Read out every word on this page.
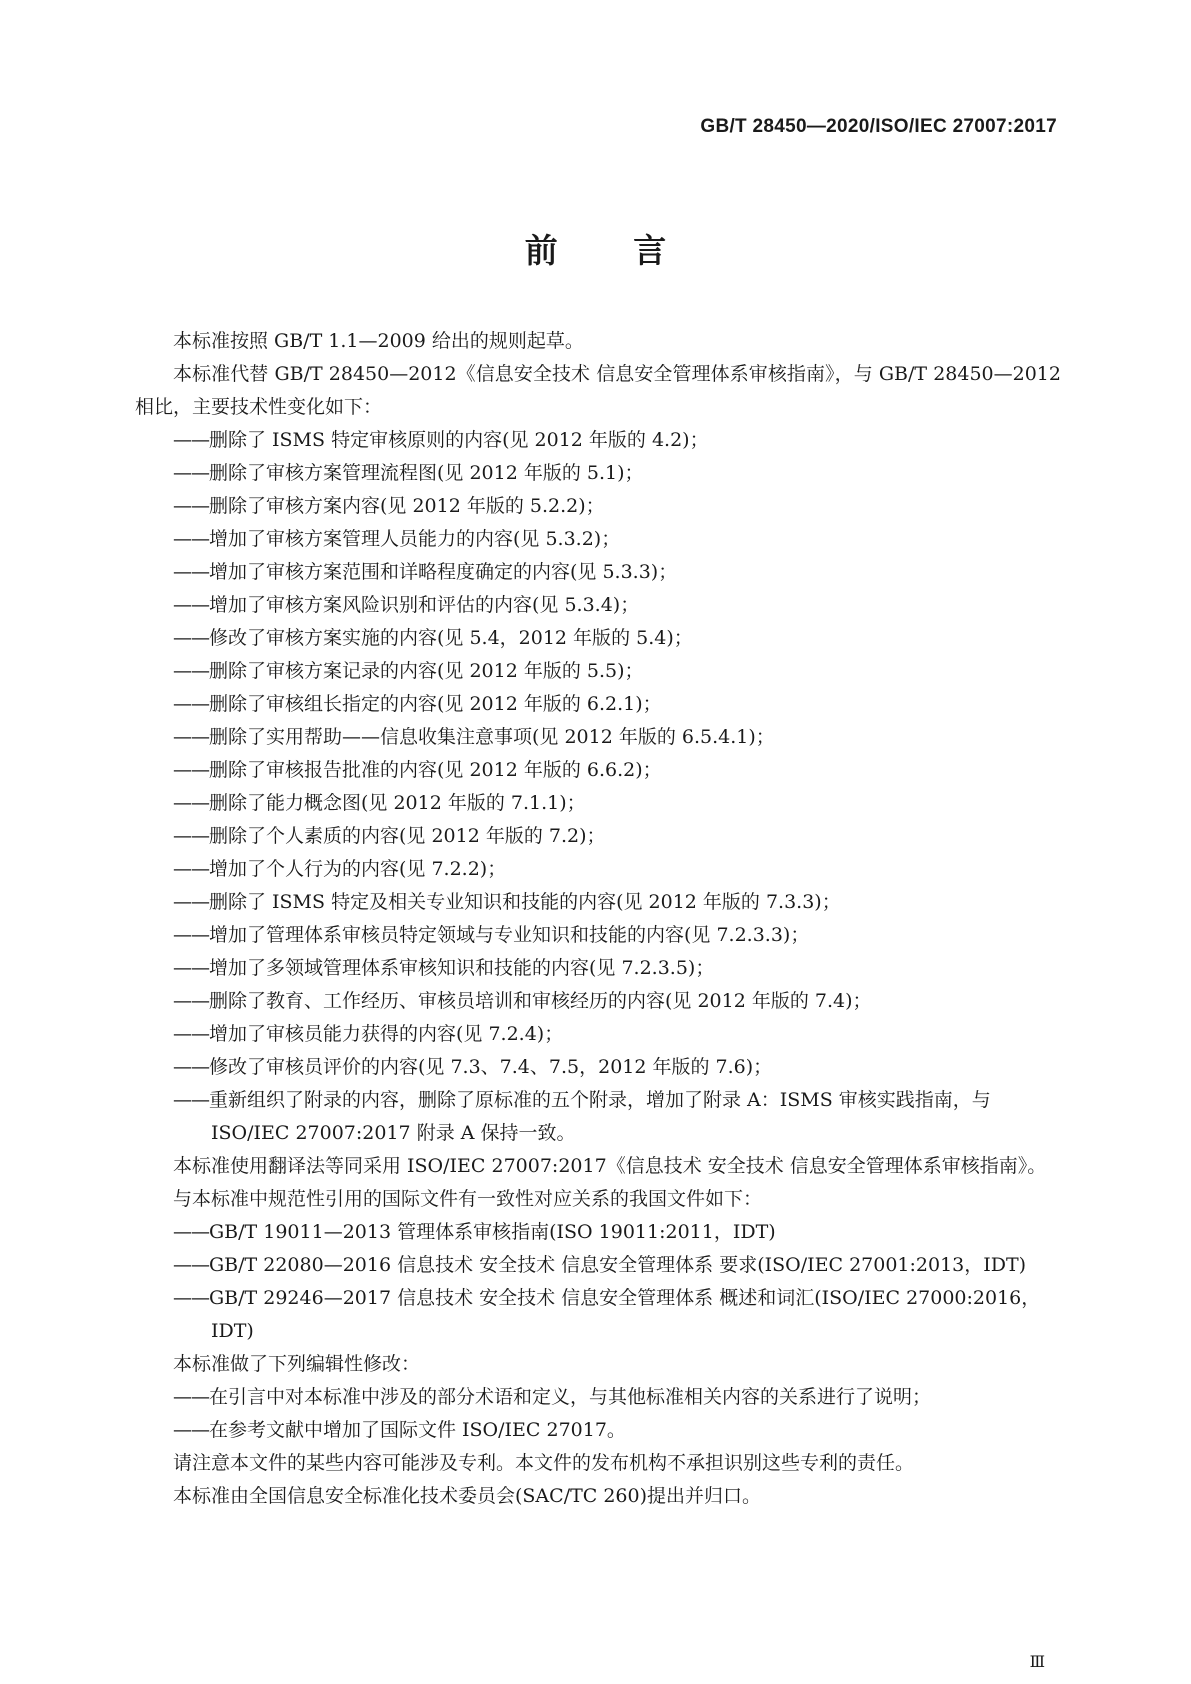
GB/T 28450—2020/ISO/IEC 27007:2017
前 言

本标准按照 GB/T 1.1—2009 给出的规则起草。

本标准代替 GB/T 28450—2012《信息安全技术 信息安全管理体系审核指南》，与 GB/T 28450—2012 相比，主要技术性变化如下：

——删除了 ISMS 特定审核原则的内容(见 2012 年版的 4.2)；

——删除了审核方案管理流程图(见 2012 年版的 5.1)；

——删除了审核方案内容(见 2012 年版的 5.2.2)；

——增加了审核方案管理人员能力的内容(见 5.3.2)；

——增加了审核方案范围和详略程度确定的内容(见 5.3.3)；

——增加了审核方案风险识别和评估的内容(见 5.3.4)；

——修改了审核方案实施的内容(见 5.4，2012 年版的 5.4)；

——删除了审核方案记录的内容(见 2012 年版的 5.5)；

——删除了审核组长指定的内容(见 2012 年版的 6.2.1)；

——删除了实用帮助——信息收集注意事项(见 2012 年版的 6.5.4.1)；

——删除了审核报告批准的内容(见 2012 年版的 6.6.2)；

——删除了能力概念图(见 2012 年版的 7.1.1)；

——删除了个人素质的内容(见 2012 年版的 7.2)；

——增加了个人行为的内容(见 7.2.2)；

——删除了 ISMS 特定及相关专业知识和技能的内容(见 2012 年版的 7.3.3)；

——增加了管理体系审核员特定领域与专业知识和技能的内容(见 7.2.3.3)；

——增加了多领域管理体系审核知识和技能的内容(见 7.2.3.5)；

——删除了教育、工作经历、审核员培训和审核经历的内容(见 2012 年版的 7.4)；

——增加了审核员能力获得的内容(见 7.2.4)；

——修改了审核员评价的内容(见 7.3、7.4、7.5，2012 年版的 7.6)；

——重新组织了附录的内容，删除了原标准的五个附录，增加了附录 A：ISMS 审核实践指南，与 ISO/IEC 27007:2017 附录 A 保持一致。

本标准使用翻译法等同采用 ISO/IEC 27007:2017《信息技术 安全技术 信息安全管理体系审核指南》。

与本标准中规范性引用的国际文件有一致性对应关系的我国文件如下：

——GB/T 19011—2013 管理体系审核指南(ISO 19011:2011，IDT)

——GB/T 22080—2016 信息技术 安全技术 信息安全管理体系 要求(ISO/IEC 27001:2013，IDT)

——GB/T 29246—2017 信息技术 安全技术 信息安全管理体系 概述和词汇(ISO/IEC 27000:2016，IDT)

本标准做了下列编辑性修改：

——在引言中对本标准中涉及的部分术语和定义，与其他标准相关内容的关系进行了说明；

——在参考文献中增加了国际文件 ISO/IEC 27017。

请注意本文件的某些内容可能涉及专利。本文件的发布机构不承担识别这些专利的责任。

本标准由全国信息安全标准化技术委员会(SAC/TC 260)提出并归口。

Ⅲ
